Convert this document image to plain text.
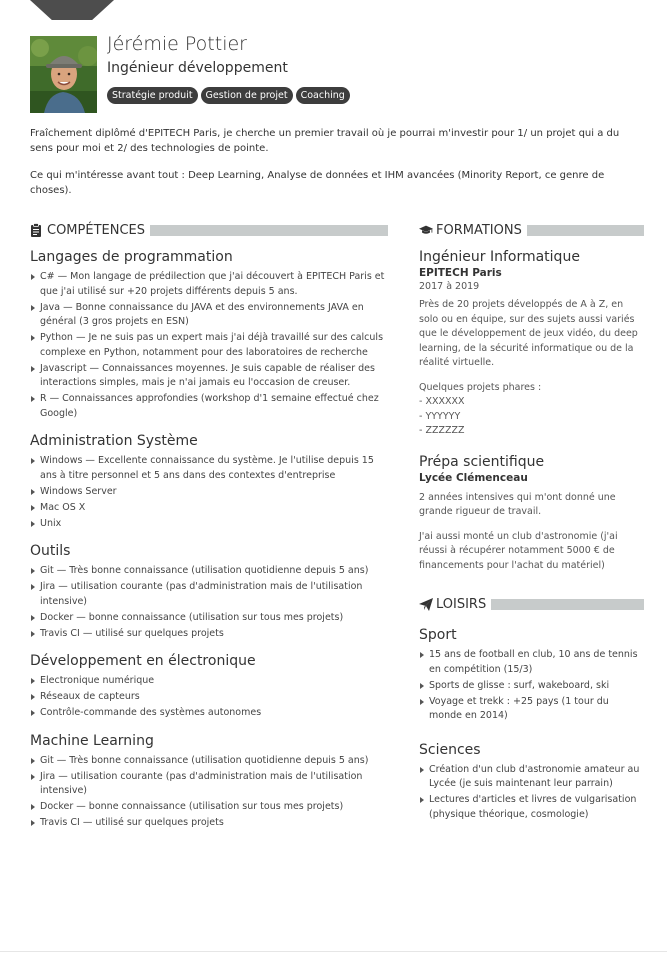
Jérémie Pottier
Ingénieur développement
Stratégie produit	Gestion de projet	Coaching

Fraîchement diplômé d'EPITECH Paris, je cherche un premier travail où je pourrai m'investir pour 1/ un projet qui a du sens pour moi et 2/ des technologies de pointe.

Ce qui m'intéresse avant tout : Deep Learning, Analyse de données et IHM avancées (Minority Report, ce genre de choses).

COMPÉTENCES
Langages de programmation
C# — Mon langage de prédilection que j'ai découvert à EPITECH Paris et que j'ai utilisé sur +20 projets différents depuis 5 ans.
Java — Bonne connaissance du JAVA et des environnements JAVA en général (3 gros projets en ESN)
Python — Je ne suis pas un expert mais j'ai déjà travaillé sur des calculs complexe en Python, notamment pour des laboratoires de recherche
Javascript — Connaissances moyennes. Je suis capable de réaliser des interactions simples, mais je n'ai jamais eu l'occasion de creuser.
R — Connaissances approfondies (workshop d'1 semaine effectué chez Google)
Administration Système
Windows — Excellente connaissance du système. Je l'utilise depuis 15 ans à titre personnel et 5 ans dans des contextes d'entreprise
Windows Server
Mac OS X
Unix
Outils
Git — Très bonne connaissance (utilisation quotidienne depuis 5 ans)
Jira — utilisation courante (pas d'administration mais de l'utilisation intensive)
Docker — bonne connaissance (utilisation sur tous mes projets)
Travis CI — utilisé sur quelques projets
Développement en électronique
Electronique numérique
Réseaux de capteurs
Contrôle-commande des systèmes autonomes
Machine Learning
Git — Très bonne connaissance (utilisation quotidienne depuis 5 ans)
Jira — utilisation courante (pas d'administration mais de l'utilisation intensive)
Docker — bonne connaissance (utilisation sur tous mes projets)
Travis CI — utilisé sur quelques projets
FORMATIONS
Ingénieur Informatique
EPITECH Paris
2017 à 2019

Près de 20 projets développés de A à Z, en solo ou en équipe, sur des sujets aussi variés que le développement de jeux vidéo, du deep learning, de la sécurité informatique ou de la réalité virtuelle.

Quelques projets phares :

- XXXXXX
- YYYYYY
- ZZZZZZ
Prépa scientifique
Lycée Clémenceau

2 années intensives qui m'ont donné une grande rigueur de travail.

J'ai aussi monté un club d'astronomie (j'ai réussi à récupérer notamment 5000 € de financements pour l'achat du matériel)

LOISIRS
Sport
15 ans de football en club, 10 ans de tennis en compétition (15/3)
Sports de glisse : surf, wakeboard, ski
Voyage et trekk : +25 pays (1 tour du monde en 2014)
Sciences
Création d'un club d'astronomie amateur au Lycée (je suis maintenant leur parrain)
Lectures d'articles et livres de vulgarisation (physique théorique, cosmologie)
